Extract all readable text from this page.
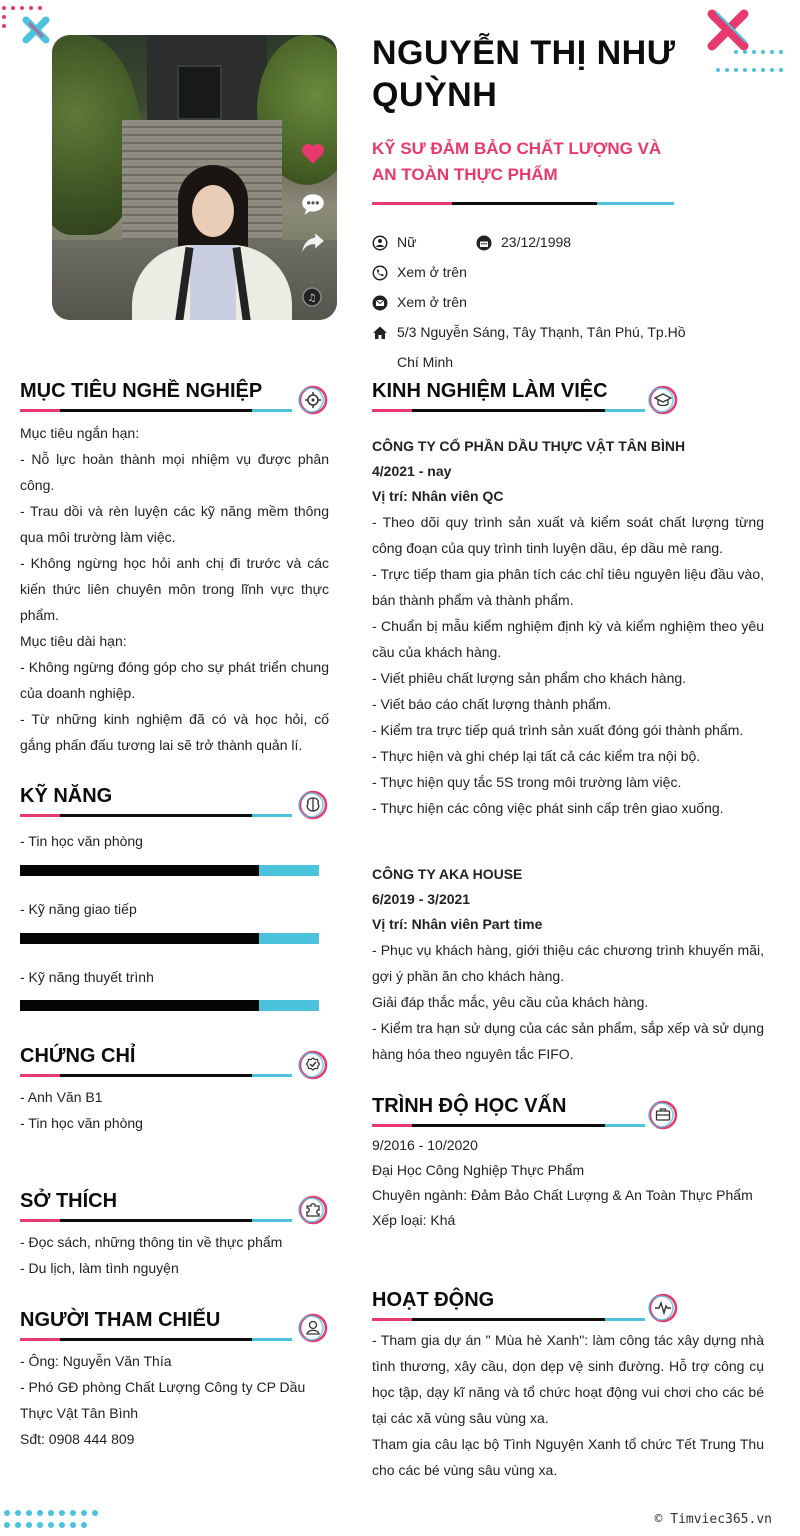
♫
NGUYỄN THỊ NHƯ QUỲNH
KỸ SƯ ĐẢM BẢO CHẤT LƯỢNG VÀ AN TOÀN THỰC PHẨM
Nữ	23/12/1998
Xem ở trên
Xem ở trên
5/3 Nguyễn Sáng, Tây Thạnh, Tân Phú, Tp.Hồ Chí Minh
MỤC TIÊU NGHỀ NGHIỆP
Mục tiêu ngắn hạn:
- Nỗ lực hoàn thành mọi nhiệm vụ được phân công.
- Trau dồi và rèn luyện các kỹ năng mềm thông qua môi trường làm việc.
- Không ngừng học hỏi anh chị đi trước và các kiến thức liên chuyên môn trong lĩnh vực thực phẩm.
Mục tiêu dài hạn:
- Không ngừng đóng góp cho sự phát triển chung của doanh nghiệp.
- Từ những kinh nghiệm đã có và học hỏi, cố gắng phấn đấu tương lai sẽ trở thành quản lí.
KỸ NĂNG
- Tin học văn phòng
- Kỹ năng giao tiếp
- Kỹ năng thuyết trình
CHỨNG CHỈ
- Anh Văn B1
- Tin học văn phòng
SỞ THÍCH
- Đọc sách, những thông tin về thực phẩm
- Du lịch, làm tình nguyện
NGƯỜI THAM CHIẾU
- Ông: Nguyễn Văn Thía
- Phó GĐ phòng Chất Lượng Công ty CP Dầu Thực Vật Tân Bình
Sđt: 0908 444 809
KINH NGHIỆM LÀM VIỆC
CÔNG TY CỔ PHẦN DẦU THỰC VẬT TÂN BÌNH
4/2021 - nay
Vị trí: Nhân viên QC
- Theo dõi quy trình sản xuất và kiểm soát chất lượng từng công đoạn của quy trình tinh luyện dầu, ép dầu mè rang.
- Trực tiếp tham gia phân tích các chỉ tiêu nguyên liệu đầu vào, bán thành phẩm và thành phẩm.
- Chuẩn bị mẫu kiểm nghiệm định kỳ và kiểm nghiệm theo yêu cầu của khách hàng.
- Viết phiêu chất lượng sản phẩm cho khách hàng.
- Viết báo cáo chất lượng thành phẩm.
- Kiểm tra trực tiếp quá trình sản xuất đóng gói thành phẩm.
- Thực hiện và ghi chép lại tất cả các kiểm tra nội bộ.
- Thực hiện quy tắc 5S trong môi trường làm việc.
- Thực hiện các công việc phát sinh cấp trên giao xuống.
CÔNG TY AKA HOUSE
6/2019 - 3/2021
Vị trí: Nhân viên Part time
- Phục vụ khách hàng, giới thiệu các chương trình khuyến mãi, gợi ý phần ăn cho khách hàng.
Giải đáp thắc mắc, yêu cầu của khách hàng.
- Kiểm tra hạn sử dụng của các sản phẩm, sắp xếp và sử dụng hàng hóa theo nguyên tắc FIFO.
TRÌNH ĐỘ HỌC VẤN
9/2016 - 10/2020
Đại Học Công Nghiệp Thực Phẩm
Chuyên ngành: Đảm Bảo Chất Lượng & An Toàn Thực Phẩm
Xếp loại: Khá
HOẠT ĐỘNG
- Tham gia dự án " Mùa hè Xanh": làm công tác xây dựng nhà tình thương, xây cầu, dọn dẹp vệ sinh đường. Hỗ trợ công cụ học tập, dạy kĩ năng và tổ chức hoạt động vui chơi cho các bé tại các xã vùng sâu vùng xa.
Tham gia câu lạc bộ Tình Nguyện Xanh tổ chức Tết Trung Thu cho các bé vùng sâu vùng xa.
© Timviec365.vn
